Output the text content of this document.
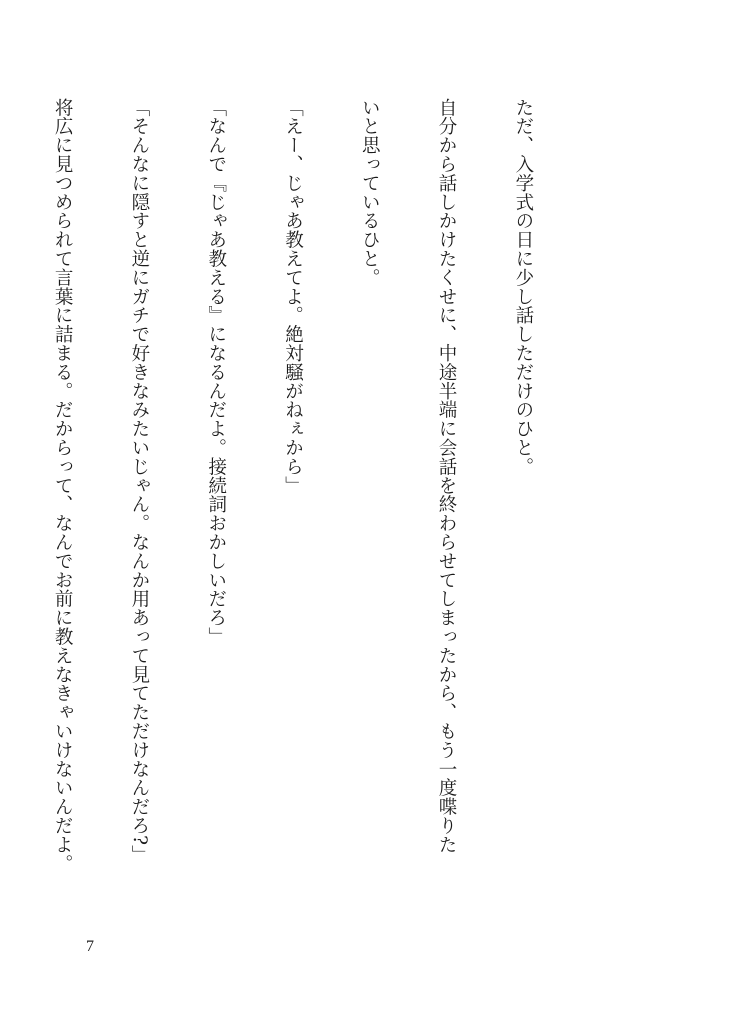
ただ、入学式の日に少し話しただけのひと。

自分から話しかけたくせに、中途半端に会話を終わらせてしまったから、もう一度喋りた

いと思っているひと。

「えー、じゃあ教えてよ。絶対騒がねぇから」

「なんで『じゃあ教える』になるんだよ。接続詞おかしいだろ」

「そんなに隠すと逆にガチで好きなみたいじゃん。なんか用あって見てただけなんだろ?」

将広に見つめられて言葉に詰まる。だからって、なんでお前に教えなきゃいけないんだよ。

7
